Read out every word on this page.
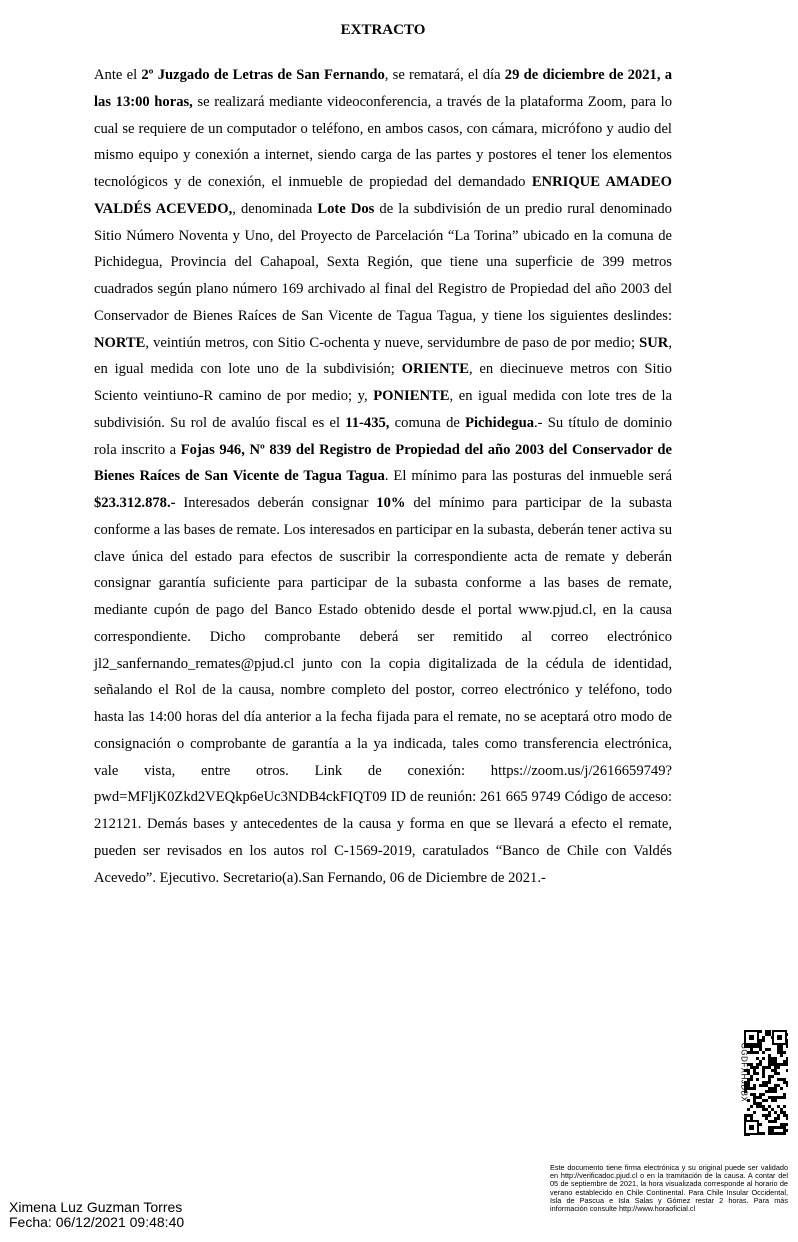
EXTRACTO
Ante el 2º Juzgado de Letras de San Fernando, se rematará, el día 29 de diciembre de 2021, a las 13:00 horas, se realizará mediante videoconferencia, a través de la plataforma Zoom, para lo cual se requiere de un computador o teléfono, en ambos casos, con cámara, micrófono y audio del mismo equipo y conexión a internet, siendo carga de las partes y postores el tener los elementos tecnológicos y de conexión, el inmueble de propiedad del demandado ENRIQUE AMADEO VALDÉS ACEVEDO,, denominada Lote Dos de la subdivisión de un predio rural denominado Sitio Número Noventa y Uno, del Proyecto de Parcelación “La Torina” ubicado en la comuna de Pichidegua, Provincia del Cahapoal, Sexta Región, que tiene una superficie de 399 metros cuadrados según plano número 169 archivado al final del Registro de Propiedad del año 2003 del Conservador de Bienes Raíces de San Vicente de Tagua Tagua, y tiene los siguientes deslindes: NORTE, veintiún metros, con Sitio C-ochenta y nueve, servidumbre de paso de por medio; SUR, en igual medida con lote uno de la subdivisión; ORIENTE, en diecinueve metros con Sitio Sciento veintiuno-R camino de por medio; y, PONIENTE, en igual medida con lote tres de la subdivisión. Su rol de avalúo fiscal es el 11-435, comuna de Pichidegua.- Su título de dominio rola inscrito a Fojas 946, Nº 839 del Registro de Propiedad del año 2003 del Conservador de Bienes Raíces de San Vicente de Tagua Tagua. El mínimo para las posturas del inmueble será $23.312.878.- Interesados deberán consignar 10% del mínimo para participar de la subasta conforme a las bases de remate. Los interesados en participar en la subasta, deberán tener activa su clave única del estado para efectos de suscribir la correspondiente acta de remate y deberán consignar garantía suficiente para participar de la subasta conforme a las bases de remate, mediante cupón de pago del Banco Estado obtenido desde el portal www.pjud.cl, en la causa correspondiente. Dicho comprobante deberá ser remitido al correo electrónico jl2_sanfernando_remates@pjud.cl junto con la copia digitalizada de la cédula de identidad, señalando el Rol de la causa, nombre completo del postor, correo electrónico y teléfono, todo hasta las 14:00 horas del día anterior a la fecha fijada para el remate, no se aceptará otro modo de consignación o comprobante de garantía a la ya indicada, tales como transferencia electrónica, vale vista, entre otros. Link de conexión: https://zoom.us/j/2616659749?pwd=MFljK0Zkd2VEQkp6eUc3NDB4ckFIQT09 ID de reunión: 261 665 9749 Código de acceso: 212121. Demás bases y antecedentes de la causa y forma en que se llevará a efecto el remate, pueden ser revisados en los autos rol C-1569-2019, caratulados “Banco de Chile con Valdés Acevedo”. Ejecutivo. Secretario(a).San Fernando, 06 de Diciembre de 2021.-
GGDFXHJDBX
Este documento tiene firma electrónica y su original puede ser validado en http://verificadoc.pjud.cl o en la tramitación de la causa. A contar del 05 de septiembre de 2021, la hora visualizada corresponde al horario de verano establecido en Chile Continental. Para Chile Insular Occidental, Isla de Pascua e Isla Salas y Gómez restar 2 horas. Para más información consulte http://www.horaoficial.cl
Ximena Luz Guzman Torres
Fecha: 06/12/2021 09:48:40
